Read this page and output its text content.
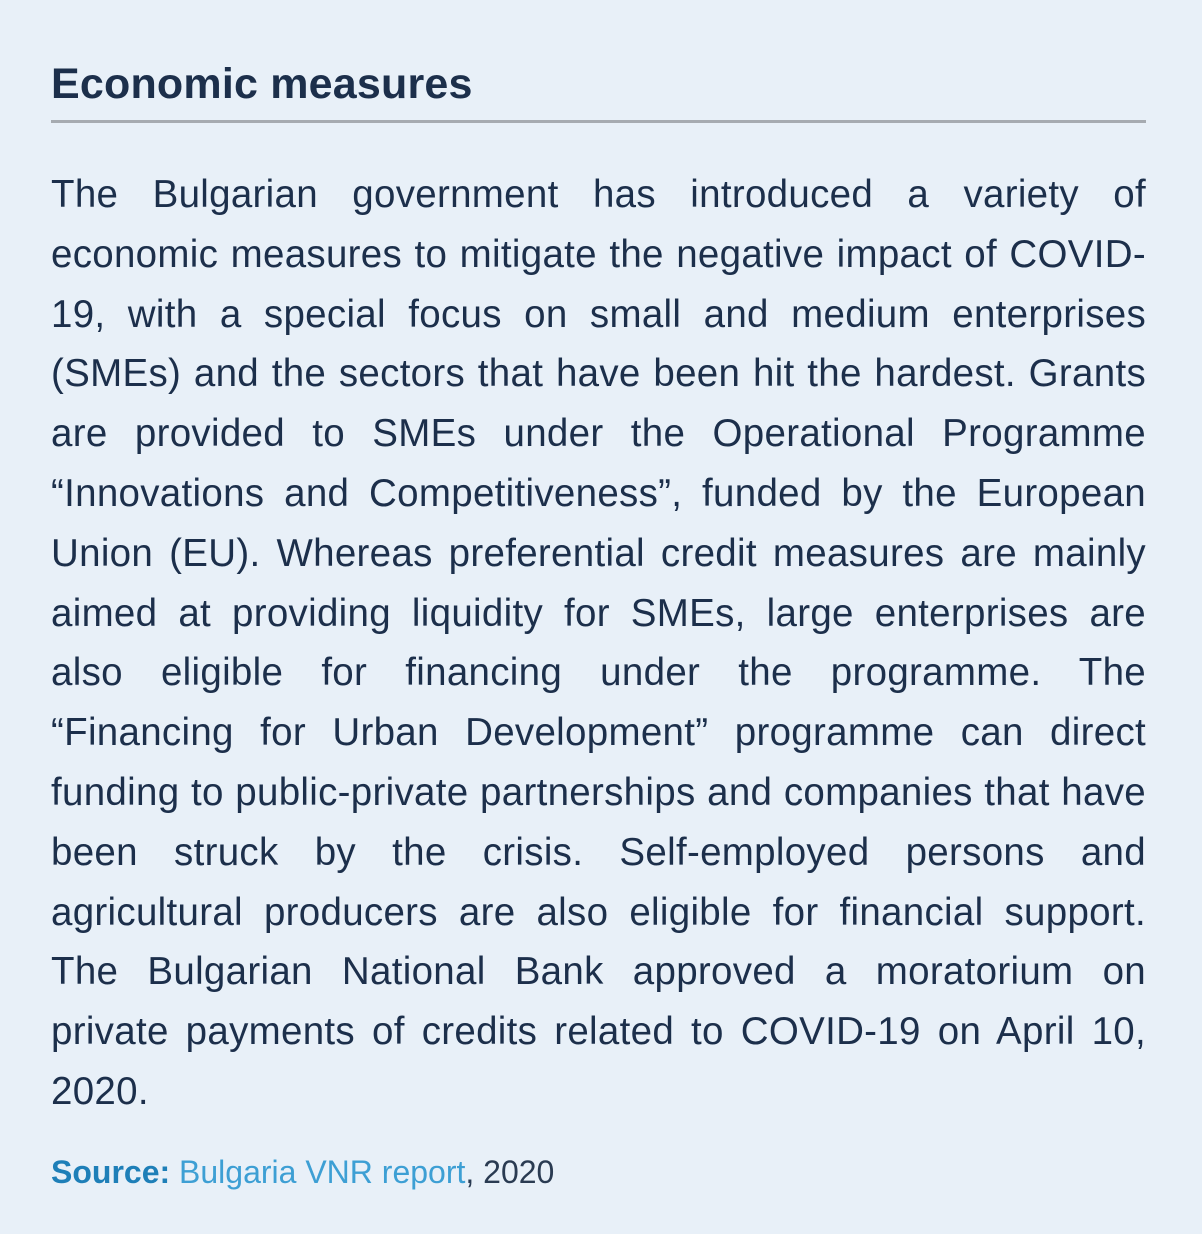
Economic measures

The Bulgarian government has introduced a variety of economic measures to mitigate the negative impact of COVID-19, with a special focus on small and medium enterprises (SMEs) and the sectors that have been hit the hardest. Grants are provided to SMEs under the Operational Programme “Innovations and Competitiveness”, funded by the European Union (EU). Whereas preferential credit measures are mainly aimed at providing liquidity for SMEs, large enterprises are also eligible for financing under the programme. The “Financing for Urban Development” programme can direct funding to public-private partnerships and companies that have been struck by the crisis. Self-employed persons and agricultural producers are also eligible for financial support. The Bulgarian National Bank approved a moratorium on private payments of credits related to COVID-19 on April 10, 2020.

Source: Bulgaria VNR report, 2020
